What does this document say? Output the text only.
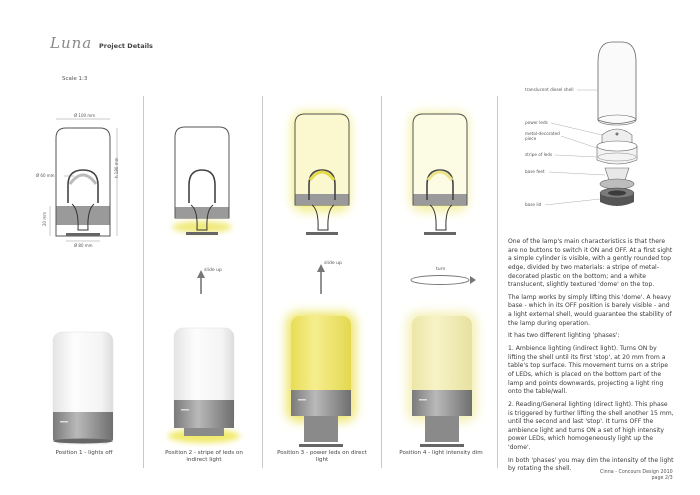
Luna Project Details
Scale 1:3
Ø 100 mm
h 180 mm
Ø 60 mm
20 mm
Ø 80 mm
slide up
slide up
turn
translucent diesel shell
power leds
metal-decorated piece
stripe of leds
base feet
base lid
Position 1 - lights off	Position 2 - stripe of leds on indirect light
Position 3 - power leds on direct light
Position 4 - light intensity dim

One of the lamp's main characteristics is that there are no buttons to switch it ON and OFF. At a first sight a simple cylinder is visible, with a gently rounded top edge, divided by two materials: a stripe of metal-decorated plastic on the bottom; and a white translucent, slightly textured 'dome' on the top.

The lamp works by simply lifting this 'dome'. A heavy base - which in its OFF position is barely visible - and a light external shell, would guarantee the stability of the lamp during operation.

It has two different lighting 'phases':

1. Ambience lighting (indirect light). Turns ON by lifting the shell until its first 'stop', at 20 mm from a table's top surface. This movement turns on a stripe of LEDs, which is placed on the bottom part of the lamp and points downwards, projecting a light ring onto the table/wall.

2. Reading/General lighting (direct light). This phase is triggered by further lifting the shell another 15 mm, until the second and last 'stop'. It turns OFF the ambience light and turns ON a set of high intensity power LEDs, which homogeneously light up the 'dome'.

In both 'phases' you may dim the intensity of the light by rotating the shell.

Cinna - Concours Design 2010
page 2/3
